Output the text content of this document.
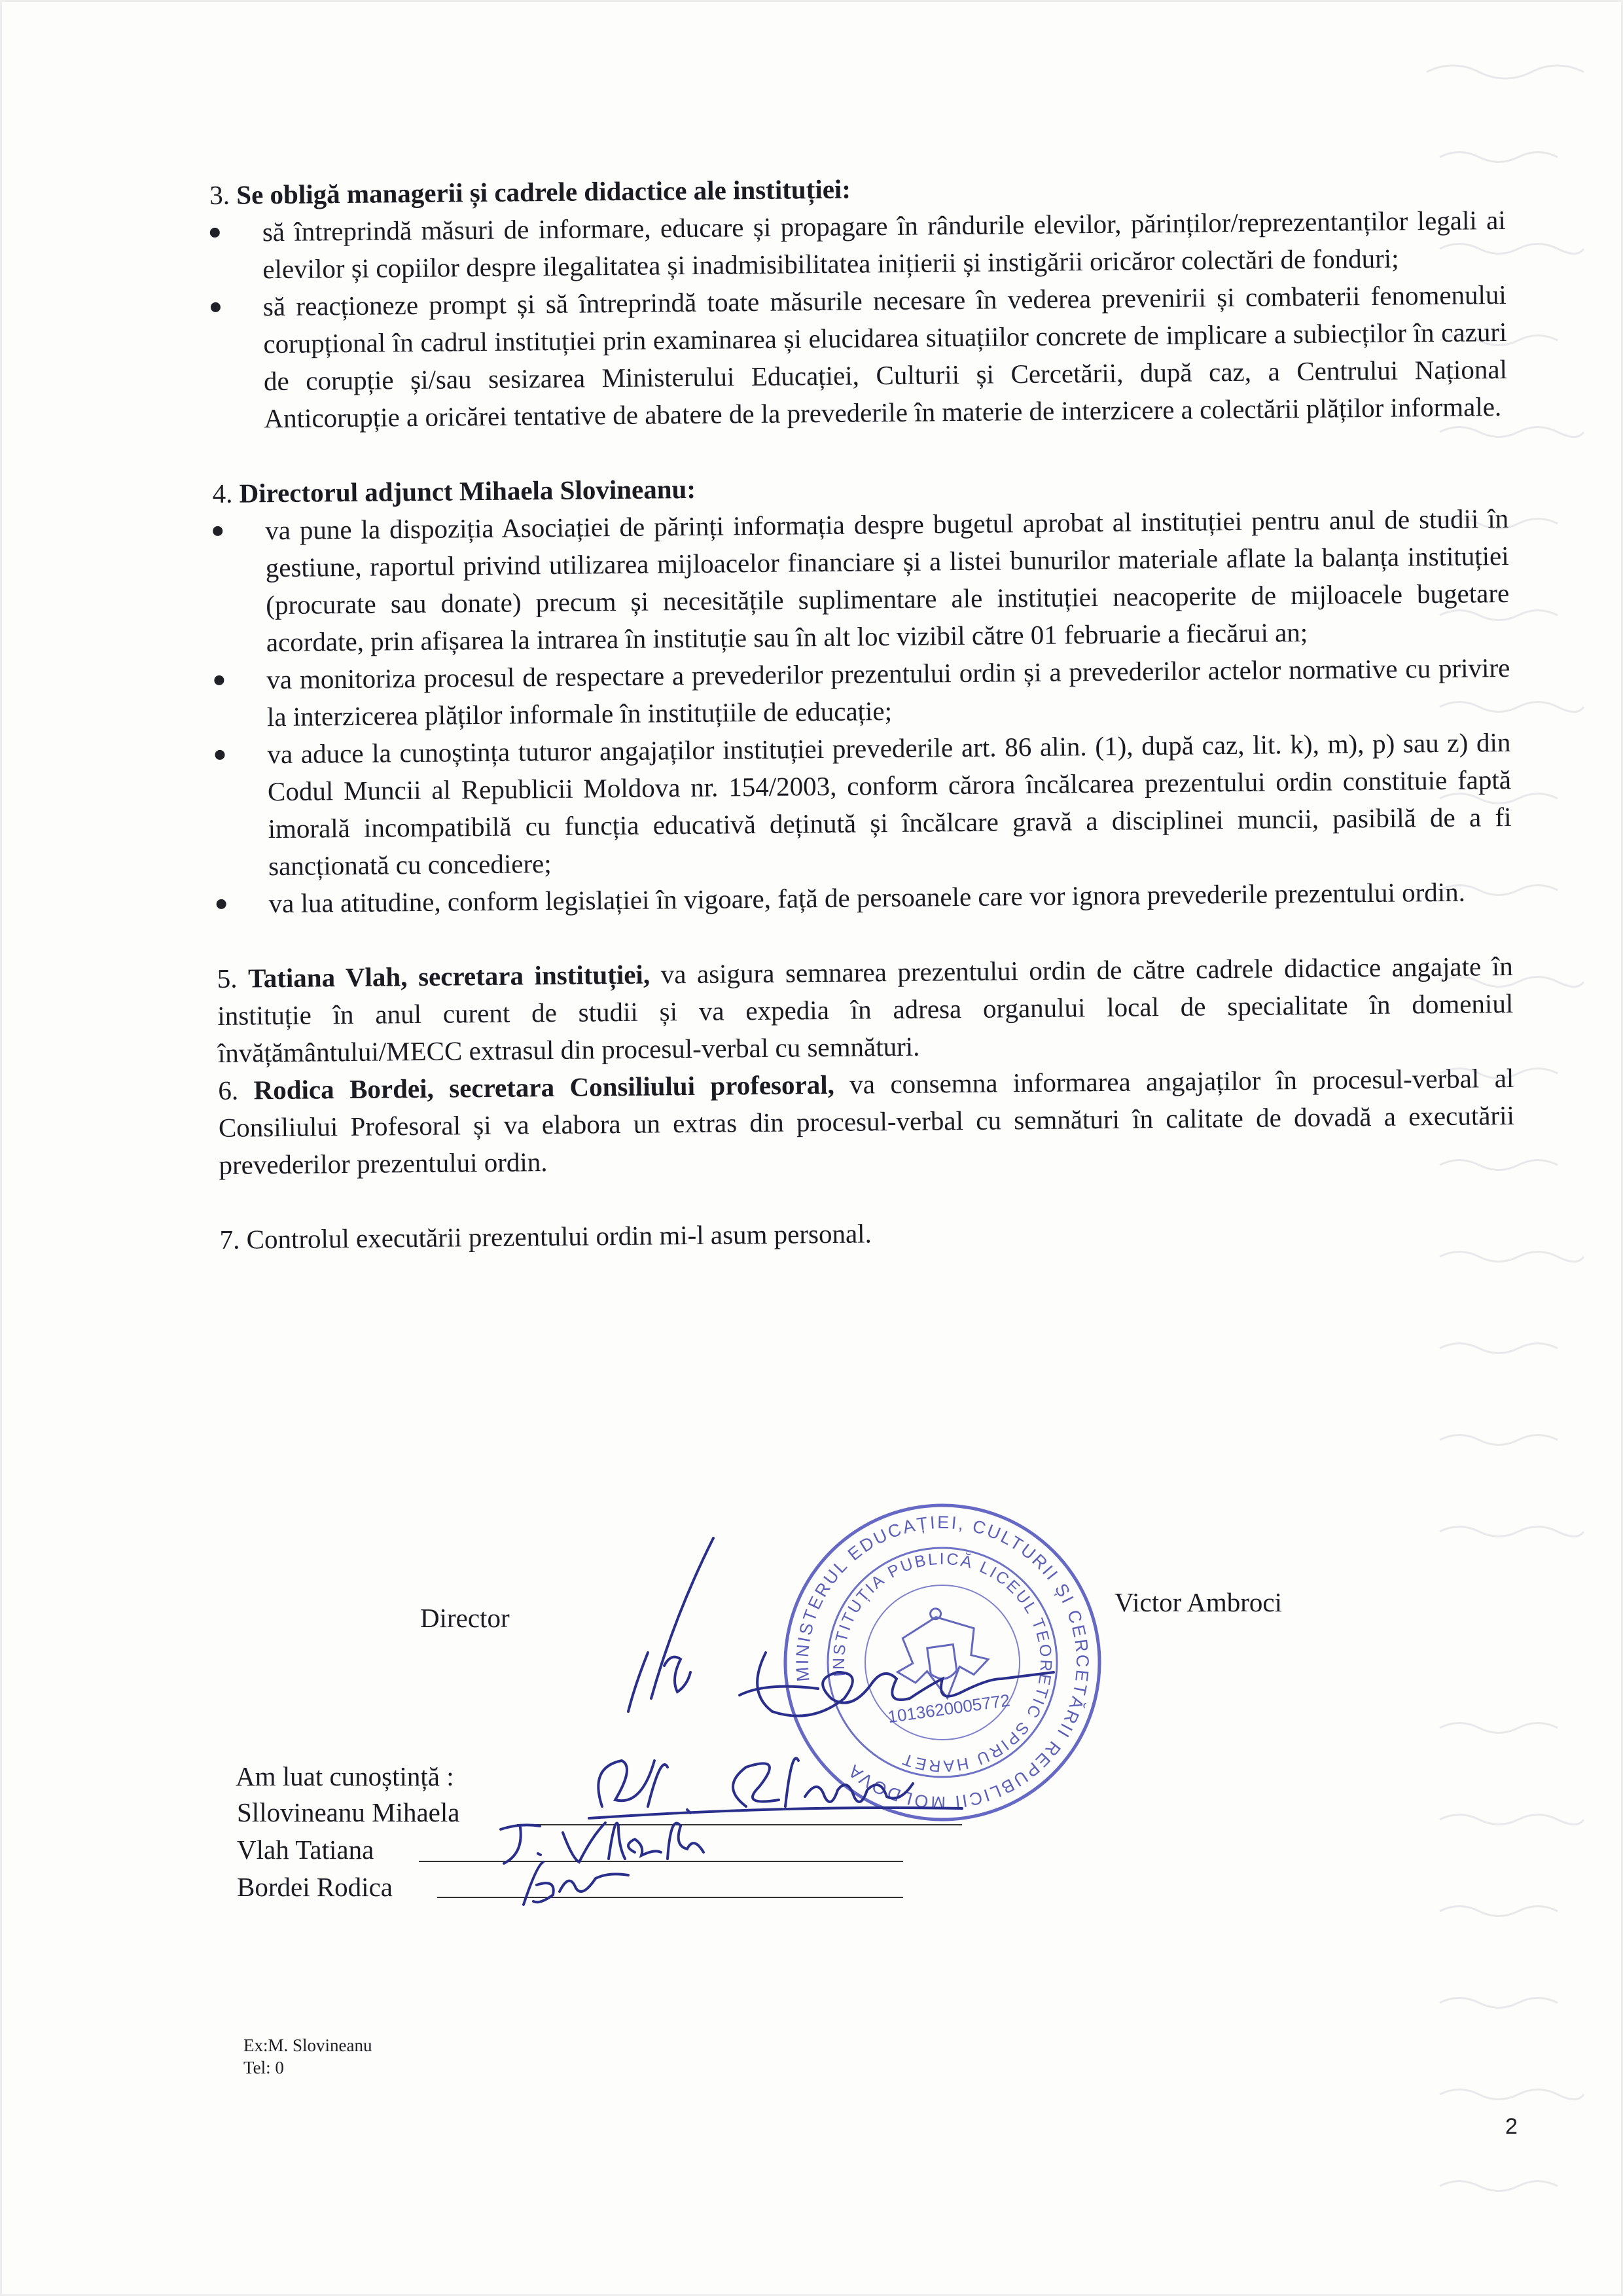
3. Se obligă managerii și cadrele didactice ale instituției:

să întreprindă măsuri de informare, educare și propagare în rândurile elevilor, părinților/reprezentanților legali ai elevilor și copiilor despre ilegalitatea și inadmisibilitatea inițierii și instigării oricăror colectări de fonduri;
să reacționeze prompt și să întreprindă toate măsurile necesare în vederea prevenirii și combaterii fenomenului corupțional în cadrul instituției prin examinarea și elucidarea situațiilor concrete de implicare a subiecților în cazuri de corupție și/sau sesizarea Ministerului Educației, Culturii și Cercetării, după caz, a Centrului Național Anticorupție a oricărei tentative de abatere de la prevederile în materie de interzicere a colectării plăților informale.

4. Directorul adjunct Mihaela Slovineanu:

va pune la dispoziția Asociației de părinți informația despre bugetul aprobat al instituției pentru anul de studii în gestiune, raportul privind utilizarea mijloacelor financiare și a listei bunurilor materiale aflate la balanța instituției (procurate sau donate) precum și necesitățile suplimentare ale instituției neacoperite de mijloacele bugetare acordate, prin afișarea la intrarea în instituție sau în alt loc vizibil către 01 februarie a fiecărui an;
va monitoriza procesul de respectare a prevederilor prezentului ordin și a prevederilor actelor normative cu privire la interzicerea plăților informale în instituțiile de educație;
va aduce la cunoștința tuturor angajaților instituției prevederile art. 86 alin. (1), după caz, lit. k), m), p) sau z) din Codul Muncii al Republicii Moldova nr. 154/2003, conform cărora încălcarea prezentului ordin constituie faptă imorală incompatibilă cu funcția educativă deținută și încălcare gravă a disciplinei muncii, pasibilă de a fi sancționată cu concediere;
va lua atitudine, conform legislației în vigoare, față de persoanele care vor ignora prevederile prezentului ordin.

5. Tatiana Vlah, secretara instituției, va asigura semnarea prezentului ordin de către cadrele didactice angajate în instituție în anul curent de studii și va expedia în adresa organului local de specialitate în domeniul învățământului/MECC extrasul din procesul-verbal cu semnături.

6. Rodica Bordei, secretara Consiliului profesoral, va consemna informarea angajaților în procesul-verbal al Consiliului Profesoral și va elabora un extras din procesul-verbal cu semnături în calitate de dovadă a executării prevederilor prezentului ordin.

7. Controlul executării prezentului ordin mi-l asum personal.

Director
Victor Ambroci
MINISTERUL EDUCAȚIEI, CULTURII ȘI CERCETĂRII REPUBLICII MOLDOVA
INSTITUȚIA PUBLICĂ LICEUL TEORETIC SPIRU HARET
1013620005772
Am luat cunoștință :
Sllovineanu Mihaela
Vlah Tatiana
Bordei Rodica
Ex:M. Slovineanu
Tel: 0
2
